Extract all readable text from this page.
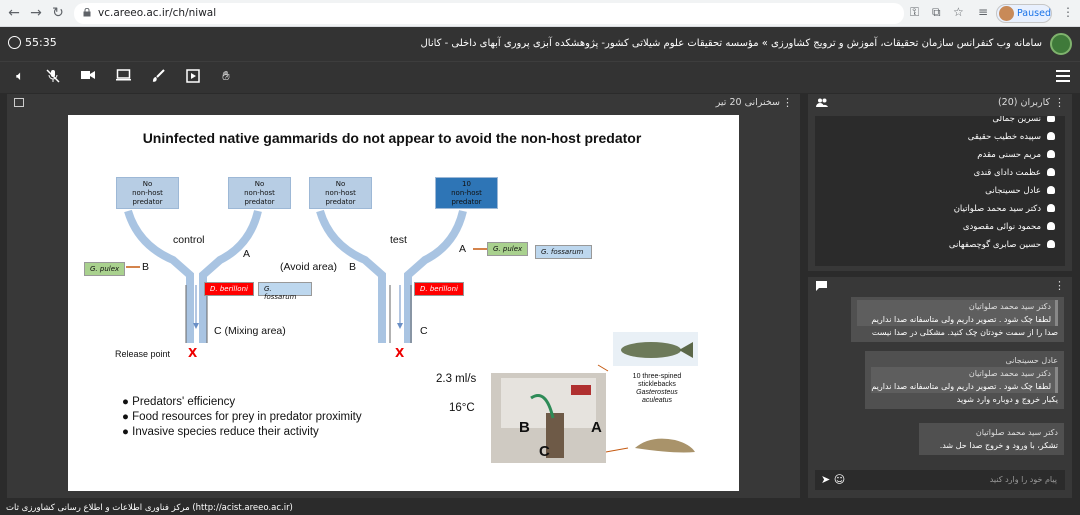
← → ↻	vc.areeo.ac.ir/ch/niwal	⚿ ⧉ ☆ ≡	Paused ⋮
55:35	سامانه وب کنفرانس سازمان تحقیقات، آموزش و ترویج کشاورزی » مؤسسه تحقیقات علوم شیلاتی کشور- پژوهشکده آبزی پروری آبهای داخلی - کانال
🔈︎	✋︎
سخنرانی 20 تیر ⋮
Uninfected native gammarids do not appear to avoid the non-host predator
No
non-host
predator
No
non-host
predator
No
non-host
predator
10
non-host
predator
control	test
A	A
B	(Avoid area) B
C (Mixing area)	C
G. pulex
D. berilloni	G. fossarum
D. berilloni
G. pulex	G. fossarum
Release point X	X
2.3 ml/s
16°C
10 three-spined
sticklebacks
Gasterosteus aculeatus
B	A
C
● Predators' efficiency
● Food resources for prey in predator proximity
● Invasive species reduce their activity
کاربران (20) ⋮
نسرین جمالی
سپیده خطیب حقیقی
مریم حسنی مقدم
عظمت دادای قندی
عادل حسینجانی
دکتر سید محمد صلواتیان
محمود نوائی مقصودی
حسین صابری گوچصفهانی
⋮
دکتر سید محمد صلواتیان
لطفا چک شود . تصویر داریم ولی متاسفانه صدا نداریم
صدا را از سمت خودتان چک کنید. مشکلی در صدا نیست
عادل حسینجانی
دکتر سید محمد صلواتیان
لطفا چک شود . تصویر داریم ولی متاسفانه صدا نداریم
یکبار خروج و دوباره وارد شوید
دکتر سید محمد صلواتیان
تشکر، با ورود و خروج صدا حل شد.
پیام خود را وارد کنید
➤ ☺
مرکز فناوری اطلاعات و اطلاع رسانی کشاورزی ثات (http://acist.areeo.ac.ir)
